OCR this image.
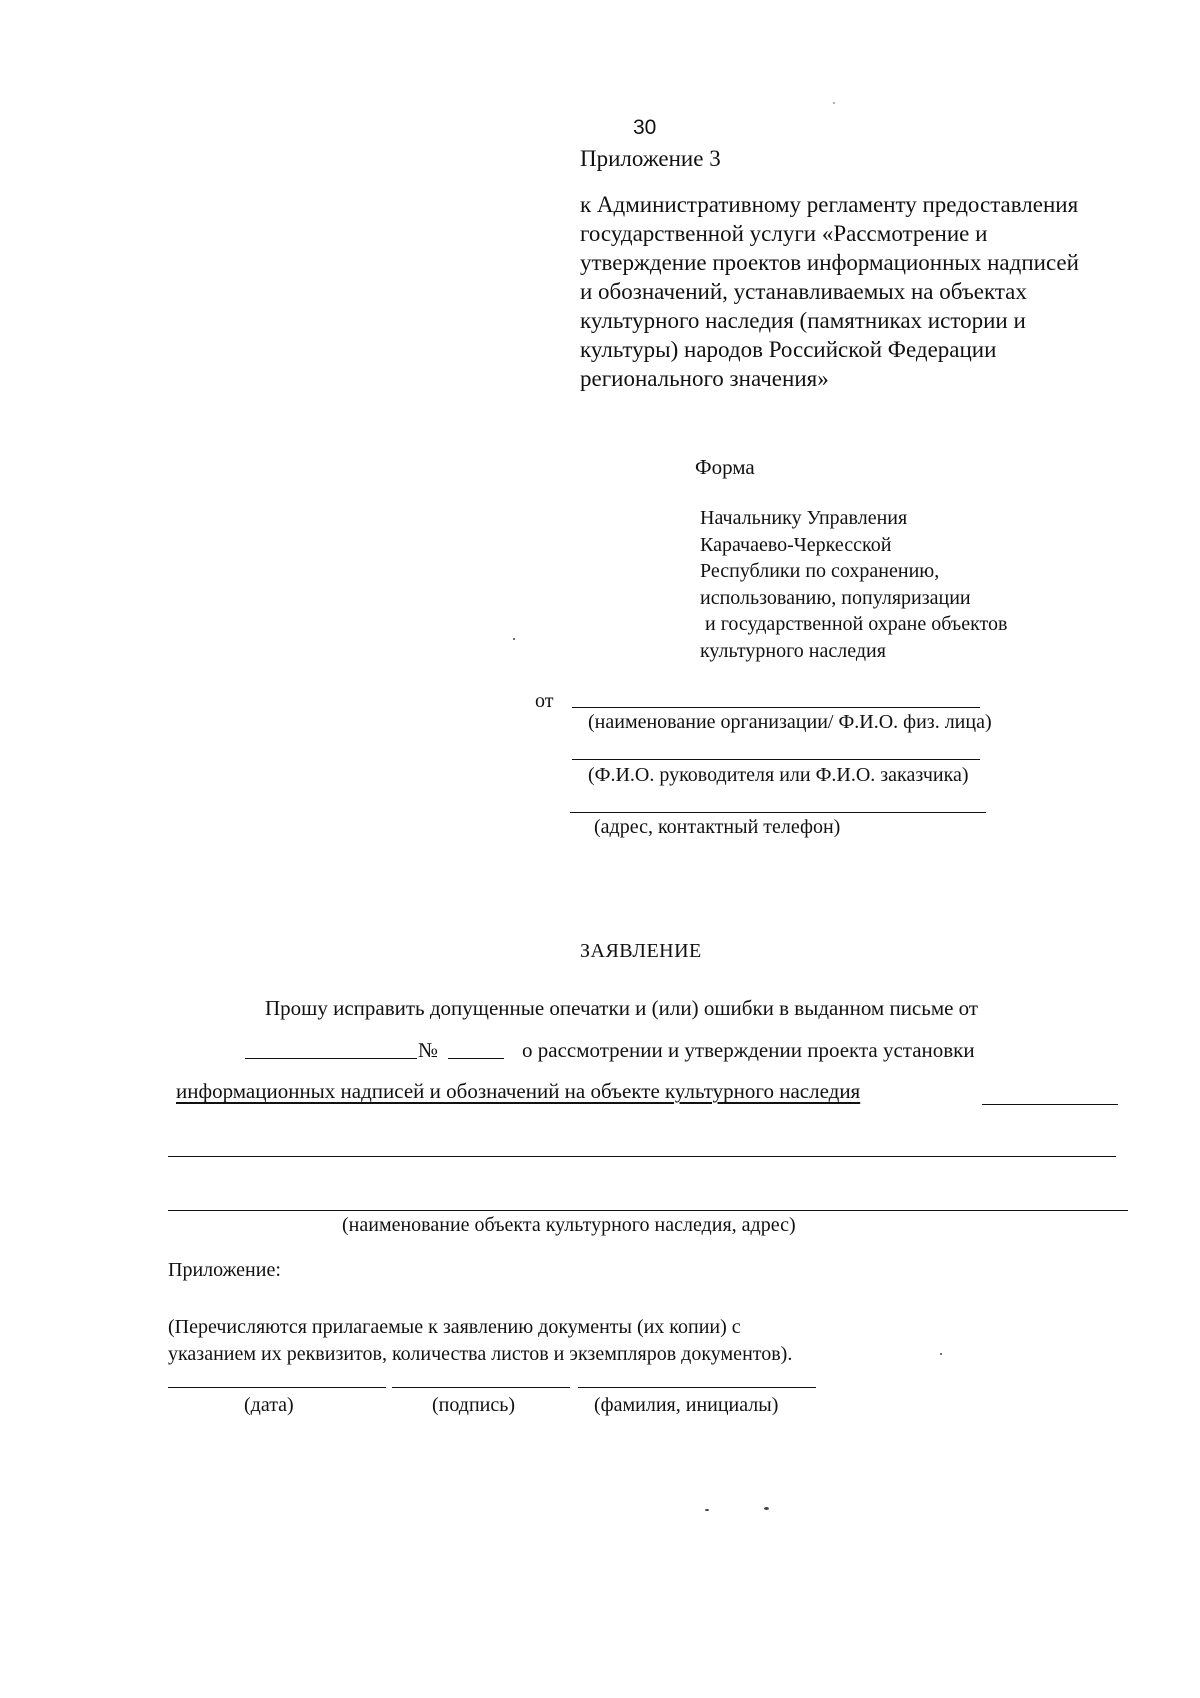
30
Приложение 3
к Административному регламенту предоставления
государственной услуги «Рассмотрение и
утверждение проектов информационных надписей
и обозначений, устанавливаемых на объектах
культурного наследия (памятниках истории и
культуры) народов Российской Федерации
регионального значения»
Форма
Начальнику Управления
Карачаево-Черкесской
Республики по сохранению,
использованию, популяризации
и государственной охране объектов
культурного наследия
от
(наименование организации/ Ф.И.О. физ. лица)
(Ф.И.О. руководителя или Ф.И.О. заказчика)
(адрес, контактный телефон)
ЗАЯВЛЕНИЕ
Прошу исправить допущенные опечатки и (или) ошибки в выданном письме от
№	о рассмотрении и утверждении проекта установки
информационных надписей и обозначений на объекте культурного наследия
(наименование объекта культурного наследия, адрес)
Приложение:
(Перечисляются прилагаемые к заявлению документы (их копии) с
указанием их реквизитов, количества листов и экземпляров документов).
(дата)	(подпись)	(фамилия, инициалы)
